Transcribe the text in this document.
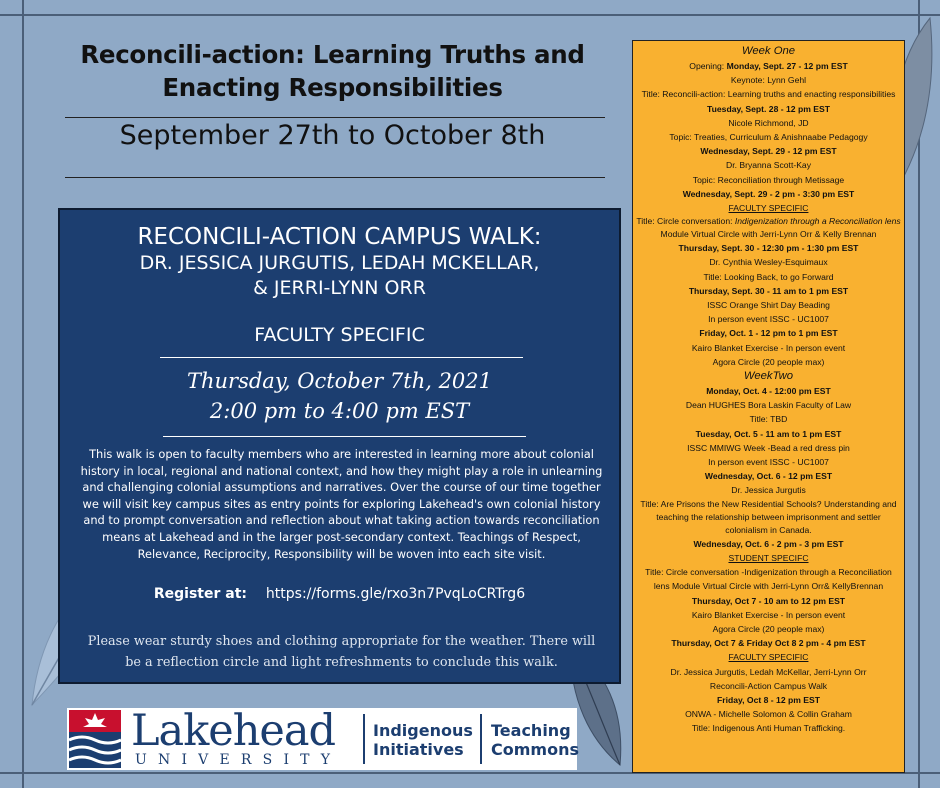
Reconcili-action: Learning Truths and
Enacting Responsibilities
September 27th to October 8th
RECONCILI-ACTION CAMPUS WALK:
DR. JESSICA JURGUTIS, LEDAH MCKELLAR,
& JERRI-LYNN ORR
FACULTY SPECIFIC
Thursday, October 7th, 2021
2:00 pm to 4:00 pm EST
This walk is open to faculty members who are interested in learning more about colonial history in local, regional and national context, and how they might play a role in unlearning and challenging colonial assumptions and narratives. Over the course of our time together we will visit key campus sites as entry points for exploring Lakehead's own colonial history and to prompt conversation and reflection about what taking action towards reconciliation means at Lakehead and in the larger post-secondary context. Teachings of Respect, Relevance, Reciprocity, Responsibility will be woven into each site visit.
Register at: https://forms.gle/rxo3n7PvqLoCRTrg6
Please wear sturdy shoes and clothing appropriate for the weather. There will be a reflection circle and light refreshments to conclude this walk.
Lakehead
UNIVERSITY
Indigenous
Initiatives
Teaching
Commons
Week One
Opening: Monday, Sept. 27 - 12 pm EST
Keynote: Lynn Gehl
Title: Reconcili-action: Learning truths and enacting responsibilities
Tuesday, Sept. 28 - 12 pm EST
Nicole Richmond, JD
Topic: Treaties, Curriculum & Anishnaabe Pedagogy
Wednesday, Sept. 29 - 12 pm EST
Dr. Bryanna Scott-Kay
Topic: Reconciliation through Metissage
Wednesday, Sept. 29 - 2 pm - 3:30 pm EST
FACULTY SPECIFIC
Title: Circle conversation: Indigenization through a Reconciliation lens Module Virtual Circle with Jerri-Lynn Orr & Kelly Brennan
Thursday, Sept. 30 - 12:30 pm - 1:30 pm EST
Dr. Cynthia Wesley-Esquimaux
Title: Looking Back, to go Forward
Thursday, Sept. 30 - 11 am to 1 pm EST
ISSC Orange Shirt Day Beading
In person event ISSC - UC1007
Friday, Oct. 1 - 12 pm to 1 pm EST
Kairo Blanket Exercise - In person event
Agora Circle (20 people max)
WeekTwo
Monday, Oct. 4 - 12:00 pm EST
Dean HUGHES Bora Laskin Faculty of Law
Title: TBD
Tuesday, Oct. 5 - 11 am to 1 pm EST
ISSC MMIWG Week -Bead a red dress pin
In person event ISSC - UC1007
Wednesday, Oct. 6 - 12 pm EST
Dr. Jessica Jurgutis
Title: Are Prisons the New Residential Schools? Understanding and teaching the relationship between imprisonment and settler colonialism in Canada.
Wednesday, Oct. 6 - 2 pm - 3 pm EST
STUDENT SPECIFC
Title: Circle conversation -Indigenization through a Reconciliation
lens Module Virtual Circle with Jerri-Lynn Orr& KellyBrennan
Thursday, Oct 7 - 10 am to 12 pm EST
Kairo Blanket Exercise - In person event
Agora Circle (20 people max)
Thursday, Oct 7 & Friday Oct 8 2 pm - 4 pm EST
FACULTY SPECIFIC
Dr. Jessica Jurgutis, Ledah McKellar, Jerri-Lynn Orr
Reconcili-Action Campus Walk
Friday, Oct 8 - 12 pm EST
ONWA - Michelle Solomon & Collin Graham
Title: Indigenous Anti Human Trafficking.
